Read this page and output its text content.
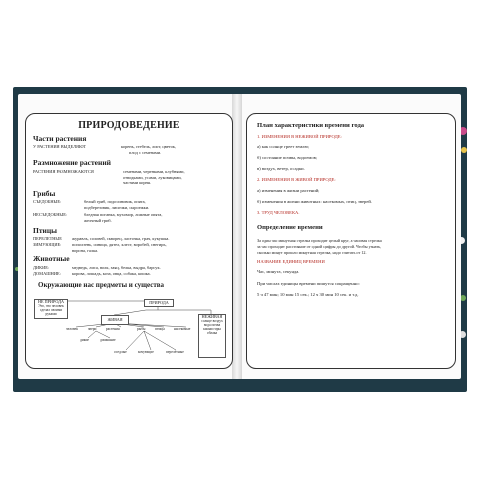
ПРИРОДОВЕДЕНИЕ
Части растения
У РАСТЕНИЯ ВЫДЕЛЯЮТ	корень, стебель, лист, цветок,
плод с семенами.
Размножение растений
РАСТЕНИЯ РАЗМНОЖАЮТСЯ	семенами, черенками, клубнями,
отводками, усами, луковицами,
частями корня.
Грибы
СЪЕДОБНЫЕ:	белый гриб, подосиновик, опята,
подберезовик, лисички, сыроежки.
НЕСЪЕДОБНЫЕ:	бледная поганка, мухомор, ложные опята,
желчный гриб.
Птицы
ПЕРЕЛЕТНЫЕ журавль, соловей, скворец, ласточка, грач, кукушка.
ЗИМУЮЩИЕ: поползень, синица, дятел, клест, воробей, снегирь,
ворона, галка.
Животные
ДИКИЕ:	медведь, лиса, волк, заяц, белка, выдра, барсук.
ДОМАШНИЕ:	корова, лошадь, коза, овца, собака, кошка.
Окружающие нас предметы и существа
НЕ ПРИРОДА
Это, что человек сделал своими руками
ПРИРОДА
ЖИВАЯ
НЕЖИВАЯ
солнце воздух вода почва камни горы облака
человек	звери	растения	рыбы	птицы	насекомые
дикие	домашние
оседлые	кочующие	перелётные
План характеристики времени года
1. ИЗМЕНЕНИЯ В НЕЖИВОЙ ПРИРОДЕ:
а) как солнце греет землю;
б) состояние почвы, водоемов;
в) воздух, ветер, осадки.
2. ИЗМЕНЕНИЯ В ЖИВОЙ ПРИРОДЕ:
а) изменения в жизни растений;
б) изменения в жизни животных: насекомых, птиц, зверей.
3. ТРУД ЧЕЛОВЕКА.
Определение времени
За один час минутная стрелка проходит целый круг, а часовая стрелка
за час проходит расстояние от одной цифры до другой. Чтобы узнать,
сколько минут прошло минутная стрелка, надо считать от 12.
НАЗВАНИЕ ЕДИНИЦ ВРЕМЕНИ
Час, минута, секунда.
При числах единицы времени пишутся сокращенно:
5 ч 47 мин; 10 мин 15 сек.; 12 ч 30 мин 10 сек. и т.д.
